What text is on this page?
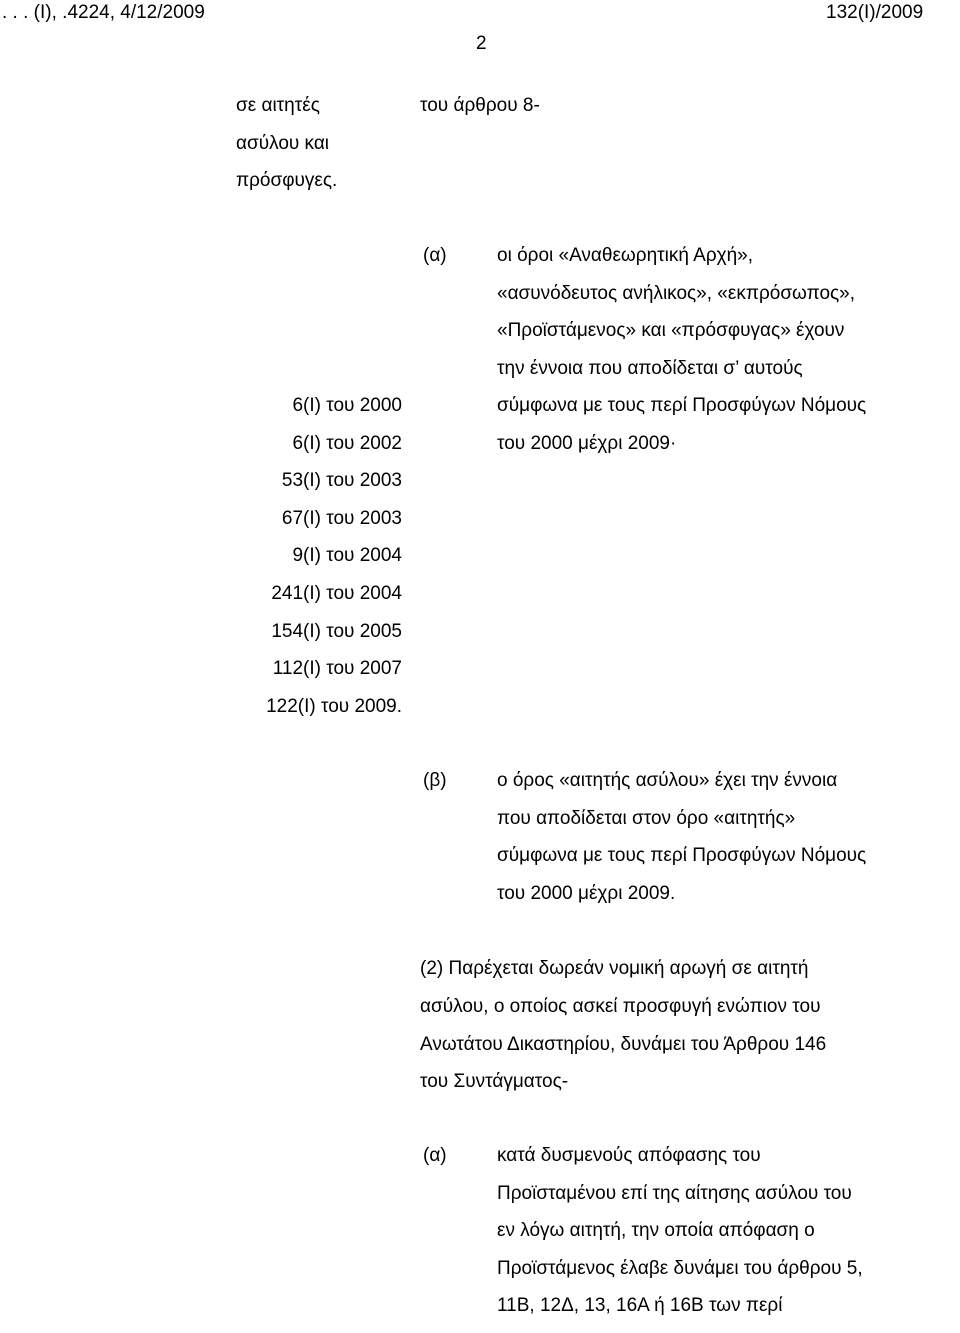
. . . (Ι), .4224, 4/12/2009	132(Ι)/2009
2
σε αιτητές
ασύλου και
πρόσφυγες.
του άρθρου 8-
(α)	οι όροι «Αναθεωρητική Αρχή»,
«ασυνόδευτος ανήλικος», «εκπρόσωπος»,
«Προϊστάμενος» και «πρόσφυγας» έχουν
την έννοια που αποδίδεται σ’ αυτούς
σύμφωνα με τους περί Προσφύγων Νόμους
του 2000 μέχρι 2009·
6(Ι) του 2000
6(Ι) του 2002
53(Ι) του 2003
67(Ι) του 2003
9(Ι) του 2004
241(Ι) του 2004
154(Ι) του 2005
112(Ι) του 2007
122(Ι) του 2009.
(β)	ο όρος «αιτητής ασύλου» έχει την έννοια
που αποδίδεται στον όρο «αιτητής»
σύμφωνα με τους περί Προσφύγων Νόμους
του 2000 μέχρι 2009.
(2) Παρέχεται δωρεάν νομική αρωγή σε αιτητή
ασύλου, ο οποίος ασκεί προσφυγή ενώπιον του
Ανωτάτου Δικαστηρίου, δυνάμει του Άρθρου 146
του Συντάγματος-
(α)	κατά δυσμενούς απόφασης του
Προϊσταμένου επί της αίτησης ασύλου του
εν λόγω αιτητή, την οποία απόφαση ο
Προϊστάμενος έλαβε δυνάμει του άρθρου 5,
11Β, 12Δ, 13, 16Α ή 16Β των περί
